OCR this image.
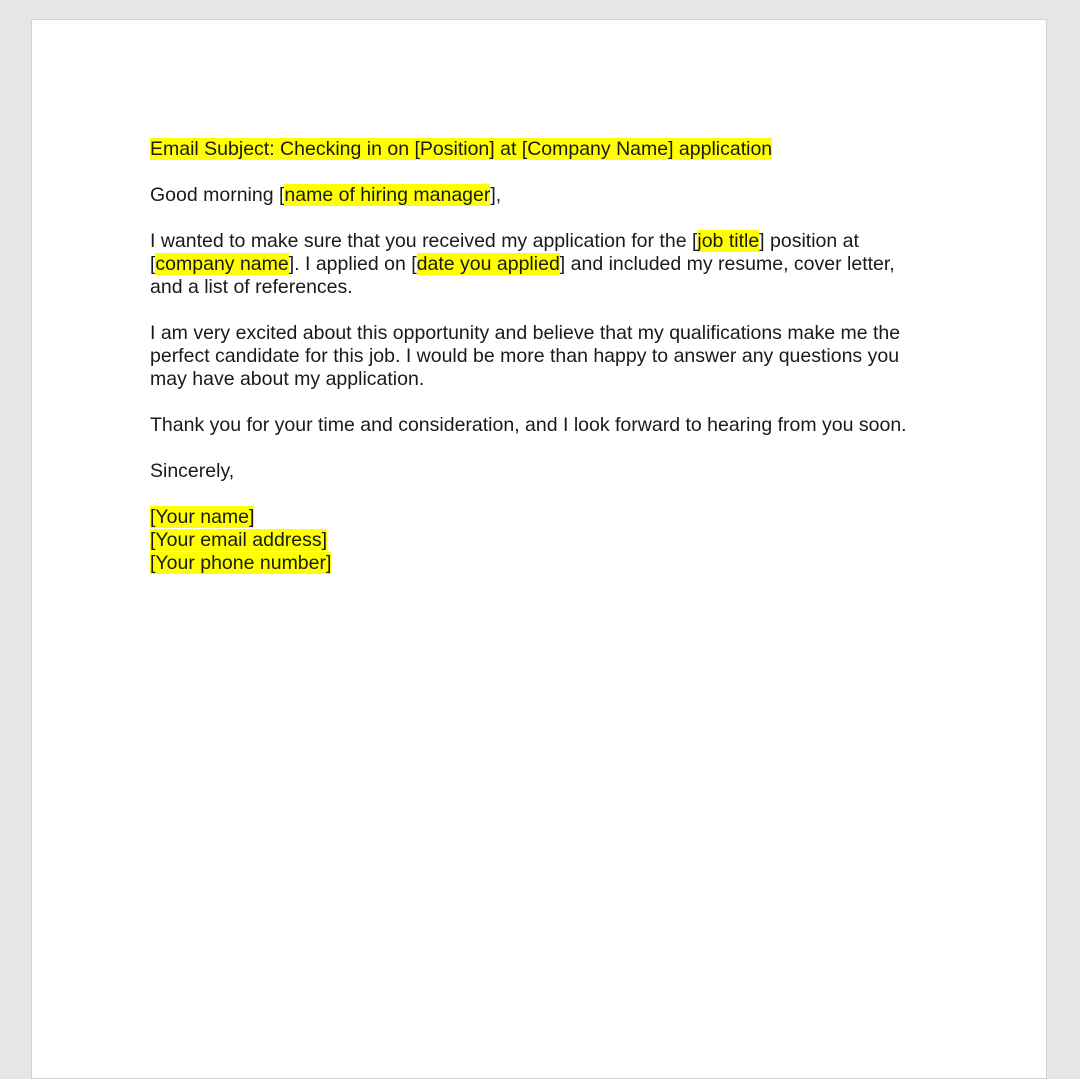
Email Subject: Checking in on [Position] at [Company Name] application

Good morning [name of hiring manager],

I wanted to make sure that you received my application for the [job title] position at
[company name]. I applied on [date you applied] and included my resume, cover letter,
and a list of references.

I am very excited about this opportunity and believe that my qualifications make me the
perfect candidate for this job. I would be more than happy to answer any questions you
may have about my application.

Thank you for your time and consideration, and I look forward to hearing from you soon.

Sincerely,

[Your name]
[Your email address]
[Your phone number]
